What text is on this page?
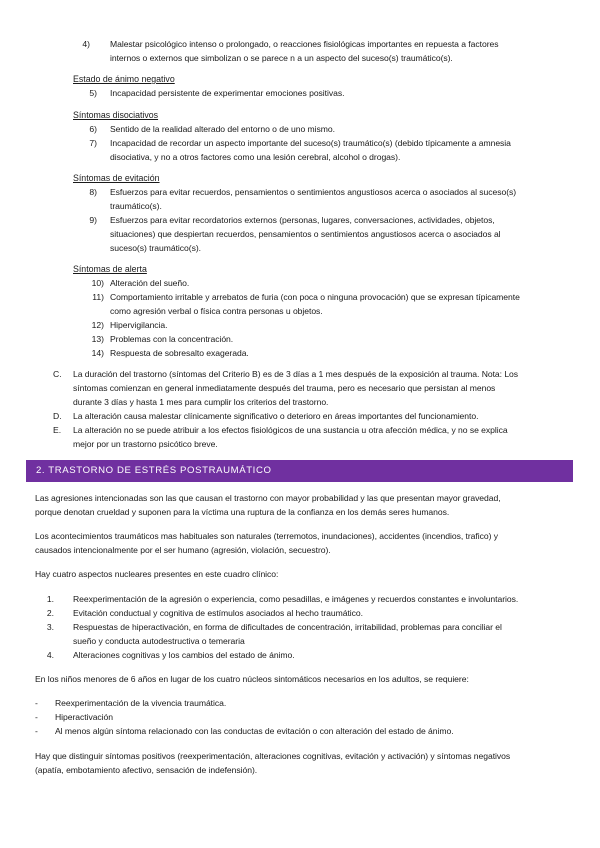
4) Malestar psicológico intenso o prolongado, o reacciones fisiológicas importantes en repuesta a factores
internos o externos que simbolizan o se parece n a un aspecto del suceso(s) traumático(s).
Estado de ánimo negativo
5) Incapacidad persistente de experimentar emociones positivas.
Síntomas disociativos
6) Sentido de la realidad alterado del entorno o de uno mismo.
7) Incapacidad de recordar un aspecto importante del suceso(s) traumático(s) (debido típicamente a amnesia
disociativa, y no a otros factores como una lesión cerebral, alcohol o drogas).
Síntomas de evitación
8) Esfuerzos para evitar recuerdos, pensamientos o sentimientos angustiosos acerca o asociados al suceso(s)
traumático(s).
9) Esfuerzos para evitar recordatorios externos (personas, lugares, conversaciones, actividades, objetos,
situaciones) que despiertan recuerdos, pensamientos o sentimientos angustiosos acerca o asociados al
suceso(s) traumático(s).
Síntomas de alerta
10) Alteración del sueño.
11) Comportamiento irritable y arrebatos de furia (con poca o ninguna provocación) que se expresan típicamente
como agresión verbal o física contra personas u objetos.
12) Hipervigilancia.
13) Problemas con la concentración.
14) Respuesta de sobresalto exagerada.
C.	La duración del trastorno (síntomas del Criterio B) es de 3 días a 1 mes después de la exposición al trauma. Nota: Los
síntomas comienzan en general inmediatamente después del trauma, pero es necesario que persistan al menos
durante 3 días y hasta 1 mes para cumplir los criterios del trastorno.
D.	La alteración causa malestar clínicamente significativo o deterioro en áreas importantes del funcionamiento.
E.	La alteración no se puede atribuir a los efectos fisiológicos de una sustancia u otra afección médica, y no se explica
mejor por un trastorno psicótico breve.
2. TRASTORNO DE ESTRÉS POSTRAUMÁTICO
Las agresiones intencionadas son las que causan el trastorno con mayor probabilidad y las que presentan mayor gravedad,
porque denotan crueldad y suponen para la víctima una ruptura de la confianza en los demás seres humanos.
Los acontecimientos traumáticos mas habituales son naturales (terremotos, inundaciones), accidentes (incendios, trafico) y
causados intencionalmente por el ser humano (agresión, violación, secuestro).
Hay cuatro aspectos nucleares presentes en este cuadro clínico:
1. Reexperimentación de la agresión o experiencia, como pesadillas, e imágenes y recuerdos constantes e involuntarios.
2. Evitación conductual y cognitiva de estímulos asociados al hecho traumático.
3. Respuestas de hiperactivación, en forma de dificultades de concentración, irritabilidad, problemas para conciliar el
sueño y conducta autodestructiva o temeraria
4. Alteraciones cognitivas y los cambios del estado de ánimo.
En los niños menores de 6 años en lugar de los cuatro núcleos sintomáticos necesarios en los adultos, se requiere:
- Reexperimentación de la vivencia traumática.
- Hiperactivación
- Al menos algún síntoma relacionado con las conductas de evitación o con alteración del estado de ánimo.
Hay que distinguir síntomas positivos (reexperimentación, alteraciones cognitivas, evitación y activación) y síntomas negativos
(apatía, embotamiento afectivo, sensación de indefensión).
